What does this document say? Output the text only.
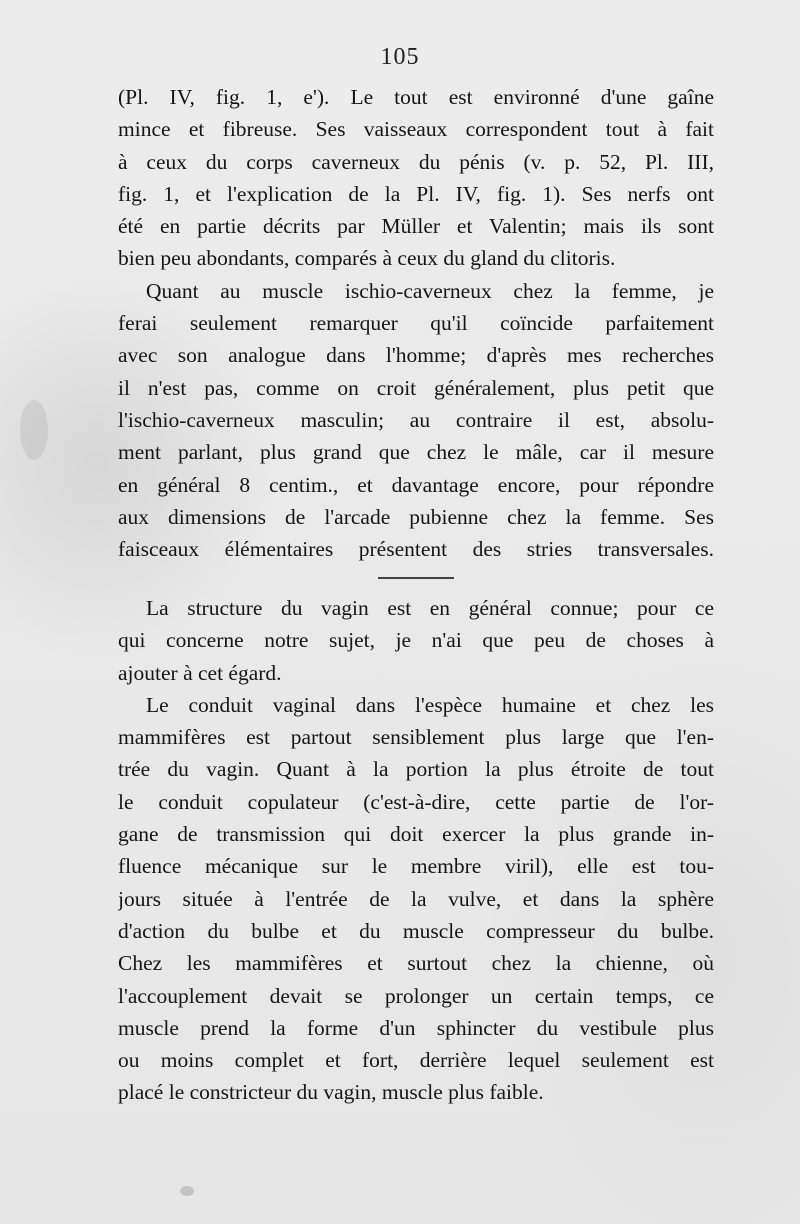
105
(Pl. IV, fig. 1, e'). Le tout est environné d'une gaîne
mince et fibreuse. Ses vaisseaux correspondent tout à fait
à ceux du corps caverneux du pénis (v. p. 52, Pl. III,
fig. 1, et l'explication de la Pl. IV, fig. 1). Ses nerfs ont
été en partie décrits par Müller et Valentin; mais ils sont
bien peu abondants, comparés à ceux du gland du clitoris.
Quant au muscle ischio-caverneux chez la femme, je
ferai seulement remarquer qu'il coïncide parfaitement
avec son analogue dans l'homme; d'après mes recherches
il n'est pas, comme on croit généralement, plus petit que
l'ischio-caverneux masculin; au contraire il est, absolu-
ment parlant, plus grand que chez le mâle, car il mesure
en général 8 centim., et davantage encore, pour répondre
aux dimensions de l'arcade pubienne chez la femme. Ses
faisceaux élémentaires présentent des stries transversales.
La structure du vagin est en général connue; pour ce
qui concerne notre sujet, je n'ai que peu de choses à
ajouter à cet égard.
Le conduit vaginal dans l'espèce humaine et chez les
mammifères est partout sensiblement plus large que l'en-
trée du vagin. Quant à la portion la plus étroite de tout
le conduit copulateur (c'est-à-dire, cette partie de l'or-
gane de transmission qui doit exercer la plus grande in-
fluence mécanique sur le membre viril), elle est tou-
jours située à l'entrée de la vulve, et dans la sphère
d'action du bulbe et du muscle compresseur du bulbe.
Chez les mammifères et surtout chez la chienne, où
l'accouplement devait se prolonger un certain temps, ce
muscle prend la forme d'un sphincter du vestibule plus
ou moins complet et fort, derrière lequel seulement est
placé le constricteur du vagin, muscle plus faible.
